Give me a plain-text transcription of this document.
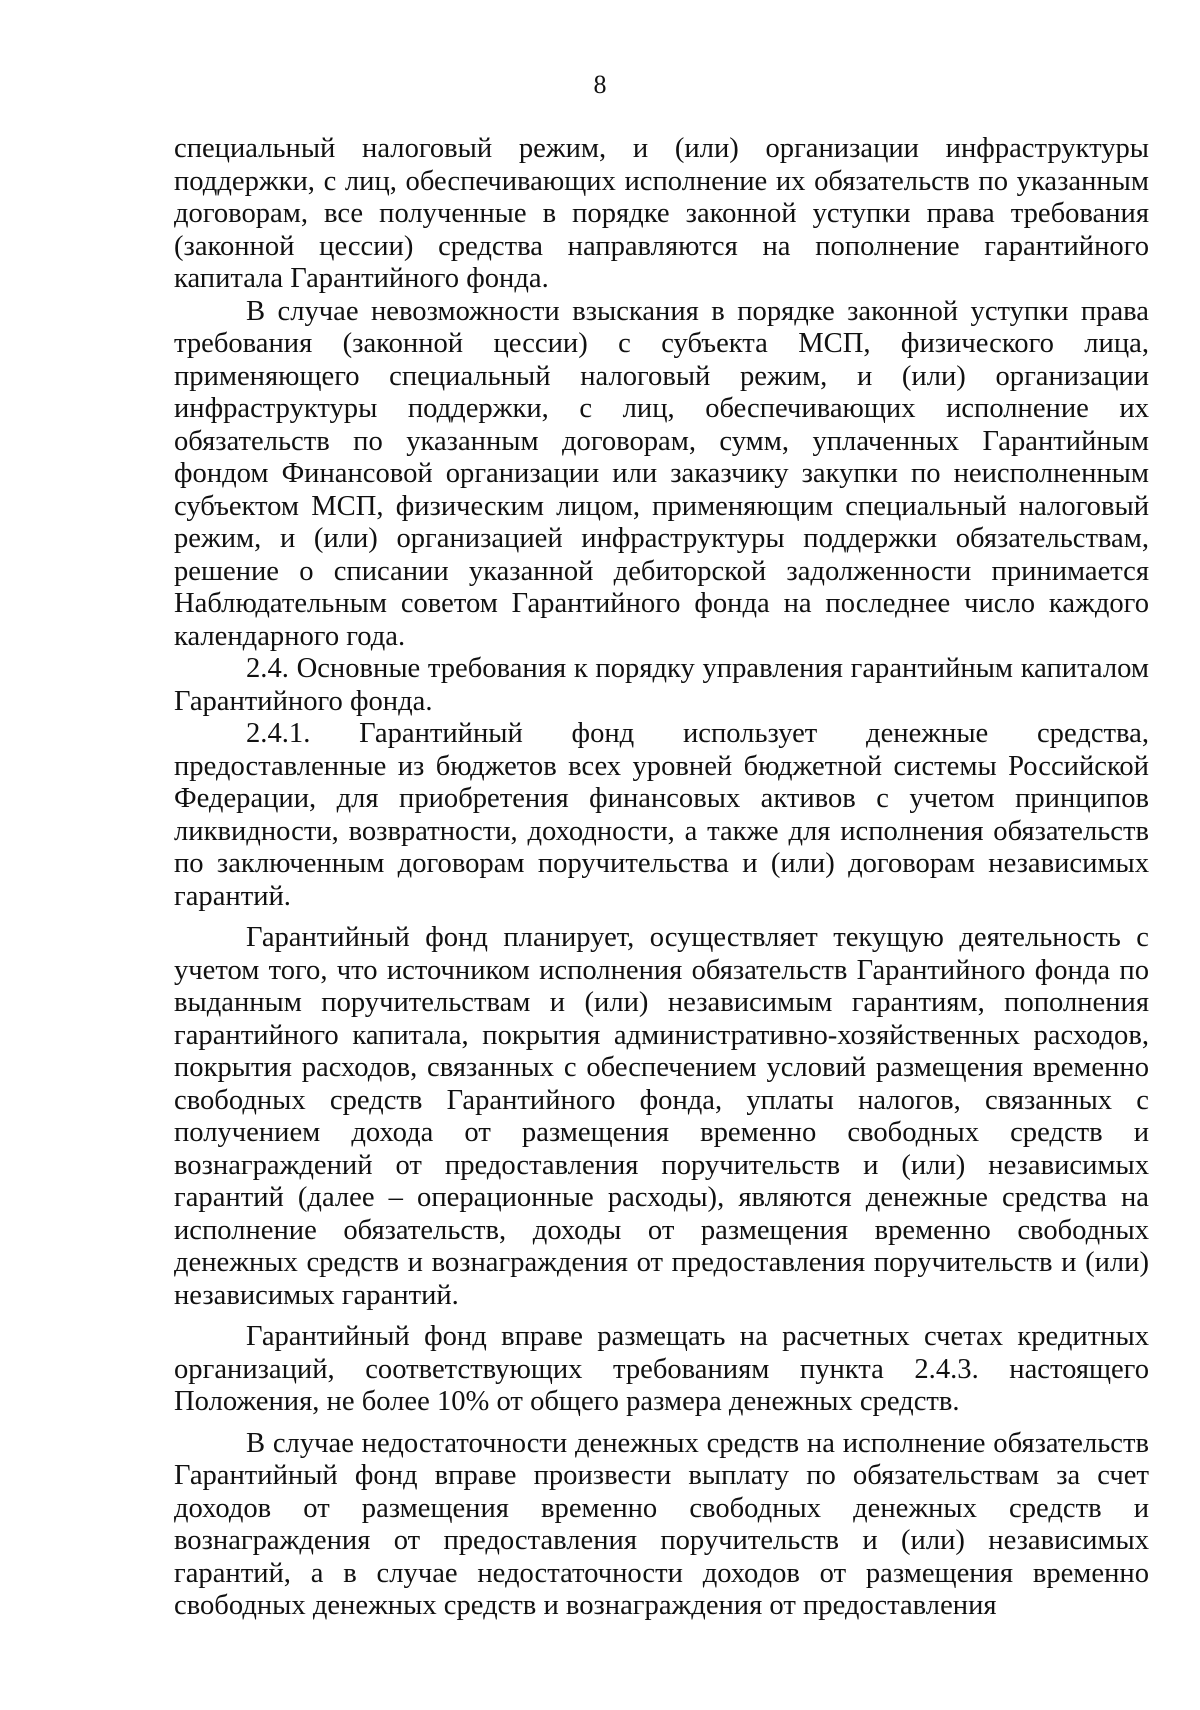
8

специальный налоговый режим, и (или) организации инфраструктуры поддержки, с лиц, обеспечивающих исполнение их обязательств по указанным договорам, все полученные в порядке законной уступки права требования (законной цессии) средства направляются на пополнение гарантийного капитала Гарантийного фонда.

В случае невозможности взыскания в порядке законной уступки права требования (законной цессии) с субъекта МСП, физического лица, применяющего специальный налоговый режим, и (или) организации инфраструктуры поддержки, с лиц, обеспечивающих исполнение их обязательств по указанным договорам, сумм, уплаченных Гарантийным фондом Финансовой организации или заказчику закупки по неисполненным субъектом МСП, физическим лицом, применяющим специальный налоговый режим, и (или) организацией инфраструктуры поддержки обязательствам, решение о списании указанной дебиторской задолженности принимается Наблюдательным советом Гарантийного фонда на последнее число каждого календарного года.

2.4. Основные требования к порядку управления гарантийным капиталом Гарантийного фонда.

2.4.1. Гарантийный фонд использует денежные средства, предоставленные из бюджетов всех уровней бюджетной системы Российской Федерации, для приобретения финансовых активов с учетом принципов ликвидности, возвратности, доходности, а также для исполнения обязательств по заключенным договорам поручительства и (или) договорам независимых гарантий.

Гарантийный фонд планирует, осуществляет текущую деятельность с учетом того, что источником исполнения обязательств Гарантийного фонда по выданным поручительствам и (или) независимым гарантиям, пополнения гарантийного капитала, покрытия административно-хозяйственных расходов, покрытия расходов, связанных с обеспечением условий размещения временно свободных средств Гарантийного фонда, уплаты налогов, связанных с получением дохода от размещения временно свободных средств и вознаграждений от предоставления поручительств и (или) независимых гарантий (далее – операционные расходы), являются денежные средства на исполнение обязательств, доходы от размещения временно свободных денежных средств и вознаграждения от предоставления поручительств и (или) независимых гарантий.

Гарантийный фонд вправе размещать на расчетных счетах кредитных организаций, соответствующих требованиям пункта 2.4.3. настоящего Положения, не более 10% от общего размера денежных средств.

В случае недостаточности денежных средств на исполнение обязательств Гарантийный фонд вправе произвести выплату по обязательствам за счет доходов от размещения временно свободных денежных средств и вознаграждения от предоставления поручительств и (или) независимых гарантий, а в случае недостаточности доходов от размещения временно свободных денежных средств и вознаграждения от предоставления
